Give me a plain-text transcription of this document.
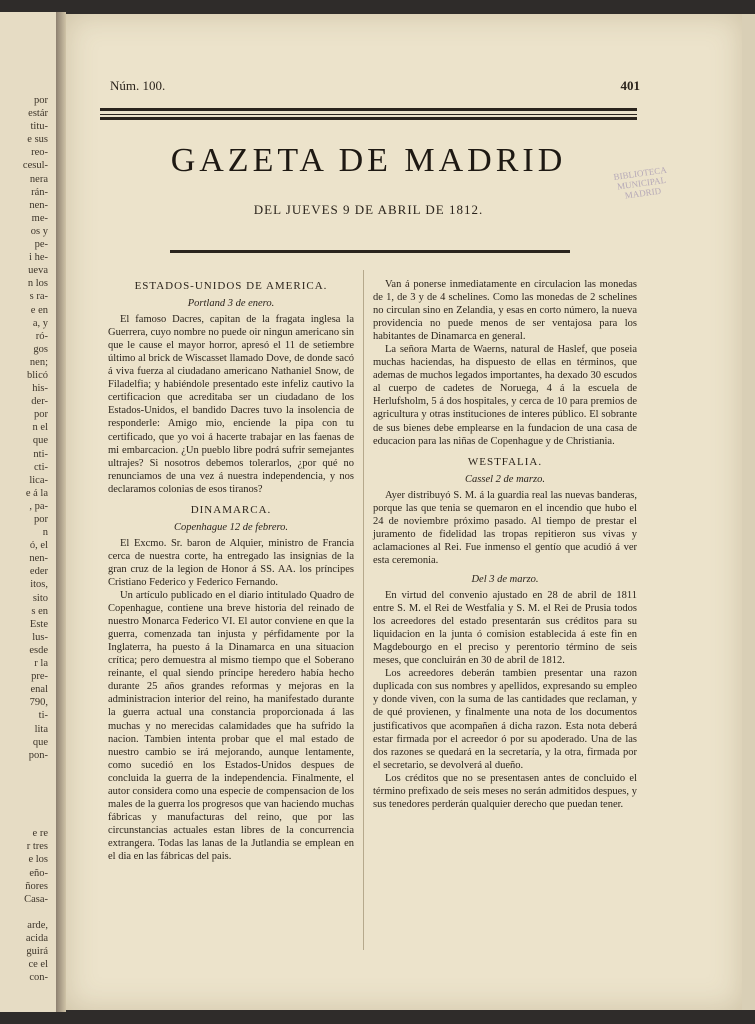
por
estár
titu-
e sus
reo-
cesul-
nera
rán-
nen-
me-
os y
pe-
i he-
ueva
n los
s ra-
e en
a, y
ró-
gos
nen;
blicó
his-
der-
por
n el
que
nti-
cti-
lica-
e á la
, pa-
por
n
ó, el
nen-
eder
itos,
sito
s en
Este
lus-
esde
r la
pre-
enal
790,
ti-
lita
que
pon-

e re
r tres
e los
eño-
ñores
Casa-

arde,
acida
guirá
ce el
con-
Núm. 100.	401
GAZETA DE MADRID
DEL JUEVES 9 DE ABRIL DE 1812.
BIBLIOTECA
MUNICIPAL
MADRID
ESTADOS-UNIDOS DE AMERICA.
Portland 3 de enero.

El famoso Dacres, capitan de la fragata inglesa la Guerrera, cuyo nombre no puede oir ningun americano sin que le cause el mayor horror, apresó el 11 de setiembre último al brick de Wiscasset llamado Dove, de donde sacó á viva fuerza al ciudadano americano Nathaniel Snow, de Filadelfia; y habiéndole presentado este infeliz cautivo la certificacion que acreditaba ser un ciudadano de los Estados-Unidos, el bandido Dacres tuvo la insolencia de responderle: Amigo mio, enciende la pipa con tu certificado, que yo voi á hacerte trabajar en las faenas de mi embarcacion. ¿Un pueblo libre podrá sufrir semejantes ultrajes? Si nosotros debemos tolerarlos, ¿por qué no renunciamos de una vez á nuestra independencia, y nos declaramos colonias de esos tiranos?

DINAMARCA.
Copenhague 12 de febrero.

El Excmo. Sr. baron de Alquier, ministro de Francia cerca de nuestra corte, ha entregado las insignias de la gran cruz de la legion de Honor á SS. AA. los príncipes Cristiano Federico y Federico Fernando.

Un artículo publicado en el diario intitulado Quadro de Copenhague, contiene una breve historia del reinado de nuestro Monarca Federico VI. El autor conviene en que la guerra, comenzada tan injusta y pérfidamente por la Inglaterra, ha puesto á la Dinamarca en una situacion crítica; pero demuestra al mismo tiempo que el Soberano reinante, el qual siendo príncipe heredero había hecho durante 25 años grandes reformas y mejoras en la administracion interior del reino, ha manifestado durante la guerra actual una constancia proporcionada á las muchas y no merecidas calamidades que ha sufrido la nacion. Tambien intenta probar que el mal estado de nuestro cambio se irá mejorando, aunque lentamente, como sucedió en los Estados-Unidos despues de concluida la guerra de la independencia. Finalmente, el autor considera como una especie de compensacion de los males de la guerra los progresos que van haciendo muchas fábricas y manufacturas del reino, que por las circunstancias actuales estan libres de la concurrencia extrangera. Todas las lanas de la Jutlandia se emplean en el dia en las fábricas del pais.

Van á ponerse inmediatamente en circulacion las monedas de 1, de 3 y de 4 schelines. Como las monedas de 2 schelines no circulan sino en Zelandia, y esas en corto número, la nueva providencia no puede menos de ser ventajosa para los habitantes de Dinamarca en general.

La señora Marta de Waerns, natural de Haslef, que poseia muchas haciendas, ha dispuesto de ellas en términos, que ademas de muchos legados importantes, ha dexado 30 escudos al cuerpo de cadetes de Noruega, 4 á la escuela de Herlufsholm, 5 á dos hospitales, y cerca de 10 para premios de agricultura y otras instituciones de interes público. El sobrante de sus bienes debe emplearse en la fundacion de una casa de educacion para las niñas de Copenhague y de Christiania.

WESTFALIA.
Cassel 2 de marzo.

Ayer distribuyó S. M. á la guardia real las nuevas banderas, porque las que tenia se quemaron en el incendio que hubo el 24 de noviembre próximo pasado. Al tiempo de prestar el juramento de fidelidad las tropas repitieron sus vivas y aclamaciones al Rei. Fue inmenso el gentío que acudió á ver esta ceremonia.

Del 3 de marzo.

En virtud del convenio ajustado en 28 de abril de 1811 entre S. M. el Rei de Westfalia y S. M. el Rei de Prusia todos los acreedores del estado presentarán sus créditos para su liquidacion en la junta ó comision establecida á este fin en Magdebourgo en el preciso y perentorio término de seis meses, que concluirán en 30 de abril de 1812.

Los acreedores deberán tambien presentar una razon duplicada con sus nombres y apellidos, expresando su empleo y donde viven, con la suma de las cantidades que reclaman, y de qué provienen, y finalmente una nota de los documentos justificativos que acompañen á dicha razon. Esta nota deberá estar firmada por el acreedor ó por su apoderado. Una de las dos razones se quedará en la secretaría, y la otra, firmada por el secretario, se devolverá al dueño.

Los créditos que no se presentasen antes de concluido el término prefixado de seis meses no serán admitidos despues, y sus tenedores perderán qualquier derecho que puedan tener.
